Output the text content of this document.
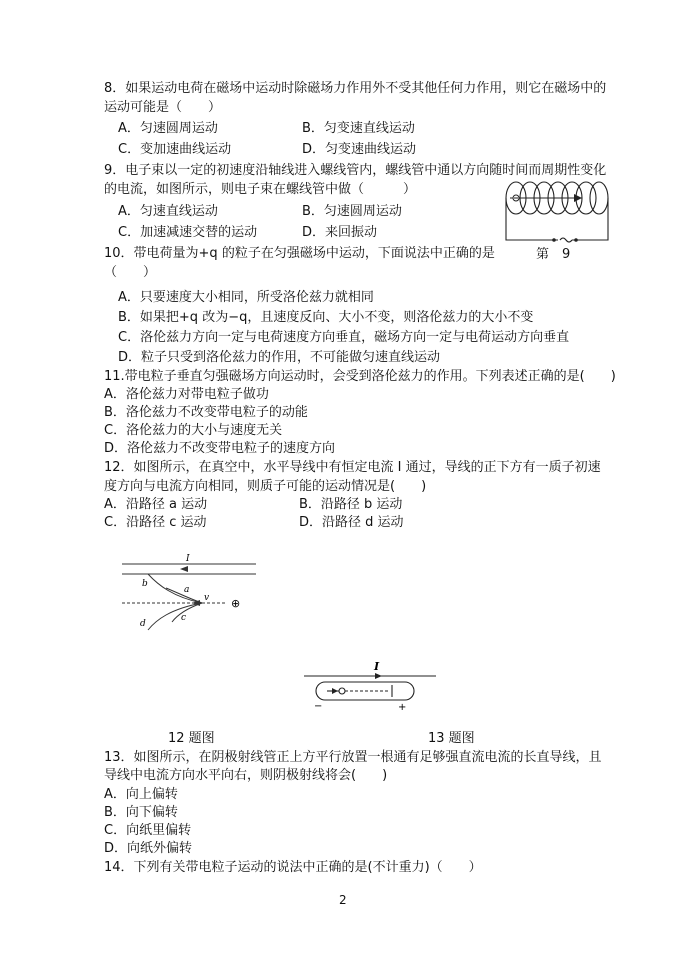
8．如果运动电荷在磁场中运动时除磁场力作用外不受其他任何力作用，则它在磁场中的
运动可能是（　　）
A．匀速圆周运动	B．匀变速直线运动
C．变加速曲线运动	D．匀变速曲线运动
9．电子束以一定的初速度沿轴线进入螺线管内，螺线管中通以方向随时间而周期性变化
的电流，如图所示，则电子束在螺线管中做（　　　）
A．匀速直线运动	B．匀速圆周运动
C．加速减速交替的运动	D．来回振动
第　9
10．带电荷量为+q 的粒子在匀强磁场中运动，下面说法中正确的是
（　　）
A．只要速度大小相同，所受洛伦兹力就相同
B．如果把+q 改为−q，且速度反向、大小不变，则洛伦兹力的大小不变
C．洛伦兹力方向一定与电荷速度方向垂直，磁场方向一定与电荷运动方向垂直
D．粒子只受到洛伦兹力的作用，不可能做匀速直线运动
11.带电粒子垂直匀强磁场方向运动时，会受到洛伦兹力的作用。下列表述正确的是(　　)
A．洛伦兹力对带电粒子做功
B．洛伦兹力不改变带电粒子的动能
C．洛伦兹力的大小与速度无关
D．洛伦兹力不改变带电粒子的速度方向
12．如图所示，在真空中，水平导线中有恒定电流 I 通过，导线的正下方有一质子初速
度方向与电流方向相同，则质子可能的运动情况是(　　)
A．沿路径 a 运动	B．沿路径 b 运动
C．沿路径 c 运动	D．沿路径 d 运动
12 题图	13 题图
13．如图所示，在阴极射线管正上方平行放置一根通有足够强直流电流的长直导线，且
导线中电流方向水平向右，则阴极射线将会(　　)
A．向上偏转
B．向下偏转
C．向纸里偏转
D．向纸外偏转
14．下列有关带电粒子运动的说法中正确的是(不计重力)（　　）
2
I
a
b
c
d
v ⊕
I
−	+
